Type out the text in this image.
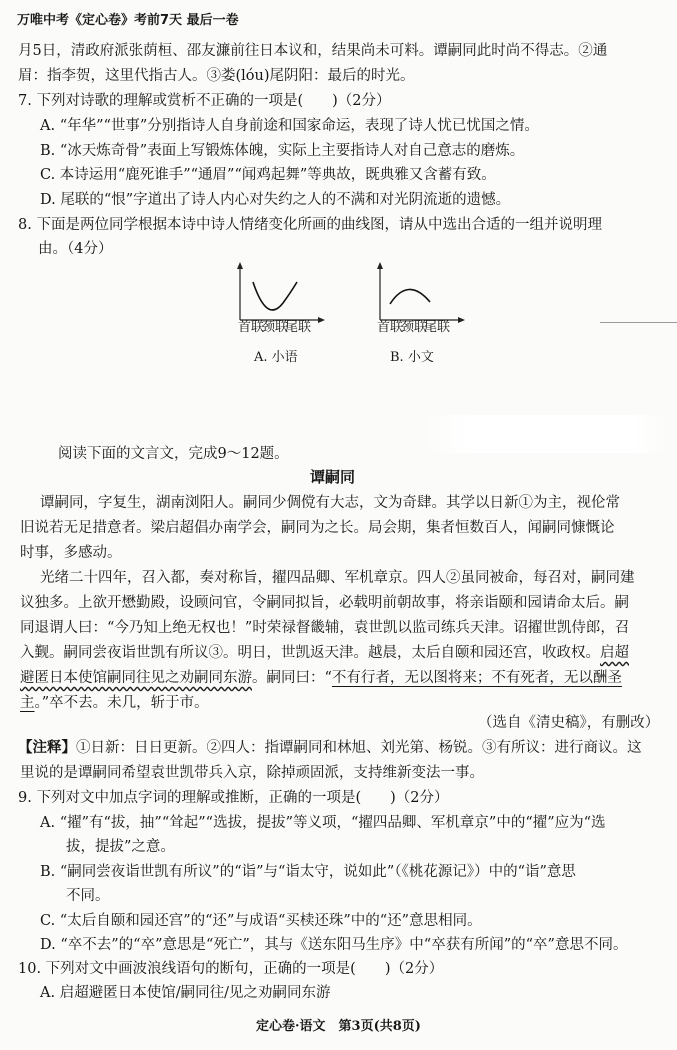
万唯中考《定心卷》考前7天 最后一卷
月5日，清政府派张荫桓、邵友濂前往日本议和，结果尚未可料。谭嗣同此时尚不得志。②通
眉：指李贺，这里代指古人。③娄(lóu)尾阴阳：最后的时光。
7. 下列对诗歌的理解或赏析不正确的一项是(　　)（2分）
A. “年华”“世事”分别指诗人自身前途和国家命运，表现了诗人忧已忧国之情。
B. “冰天炼奇骨”表面上写锻炼体魄，实际上主要指诗人对自己意志的磨炼。
C. 本诗运用“鹿死谁手”“通眉”“闻鸡起舞”等典故，既典雅又含蓄有致。
D. 尾联的“恨”字道出了诗人内心对失约之人的不满和对光阴流逝的遗憾。
8. 下面是两位同学根据本诗中诗人情绪变化所画的曲线图，请从中选出合适的一组并说明理
由。（4分）
首联
颈联
尾联
A. 小语
首联
颈联
尾联
B. 小文
阅读下面的文言文，完成9～12题。
谭嗣同
谭嗣同，字复生，湖南浏阳人。嗣同少倜傥有大志，文为奇肆。其学以日新①为主，视伦常
旧说若无足措意者。梁启超倡办南学会，嗣同为之长。局会期，集者恒数百人，闻嗣同慷慨论
时事，多感动。
光绪二十四年，召入都，奏对称旨，擢四品卿、军机章京。四人②虽同被命，每召对，嗣同建
议独多。上欲开懋勤殿，设顾问官，令嗣同拟旨，必载明前朝故事，将亲诣颐和园请命太后。嗣
同退谓人曰：“今乃知上绝无权也！”时荣禄督畿辅，袁世凯以监司练兵天津。诏擢世凯侍郎，召
入觐。嗣同尝夜诣世凯有所议③。明日，世凯返天津。越晨，太后自颐和园还宫，收政权。启超
避匿日本使馆嗣同往见之劝嗣同东游。嗣同曰：“不有行者，无以图将来；不有死者，无以酬圣
主。”卒不去。未几，斩于市。
（选自《清史稿》，有删改）
【注释】①日新：日日更新。②四人：指谭嗣同和林旭、刘光第、杨锐。③有所议：进行商议。这
里说的是谭嗣同希望袁世凯带兵入京，除掉顽固派，支持维新变法一事。
9. 下列对文中加点字词的理解或推断，正确的一项是(　　)（2分）
A. “擢”有“拔，抽”“耸起”“选拔，提拔”等义项，“擢四品卿、军机章京”中的“擢”应为“选
拔，提拔”之意。
B. “嗣同尝夜诣世凯有所议”的“诣”与“诣太守，说如此”（《桃花源记》）中的“诣”意思
不同。
C. “太后自颐和园还宫”的“还”与成语“买椟还珠”中的“还”意思相同。
D. “卒不去”的“卒”意思是“死亡”，其与《送东阳马生序》中“卒获有所闻”的“卒”意思不同。
10. 下列对文中画波浪线语句的断句，正确的一项是(　　)（2分）
A. 启超避匿日本使馆/嗣同往/见之劝嗣同东游
定心卷·语文　第3页(共8页)
